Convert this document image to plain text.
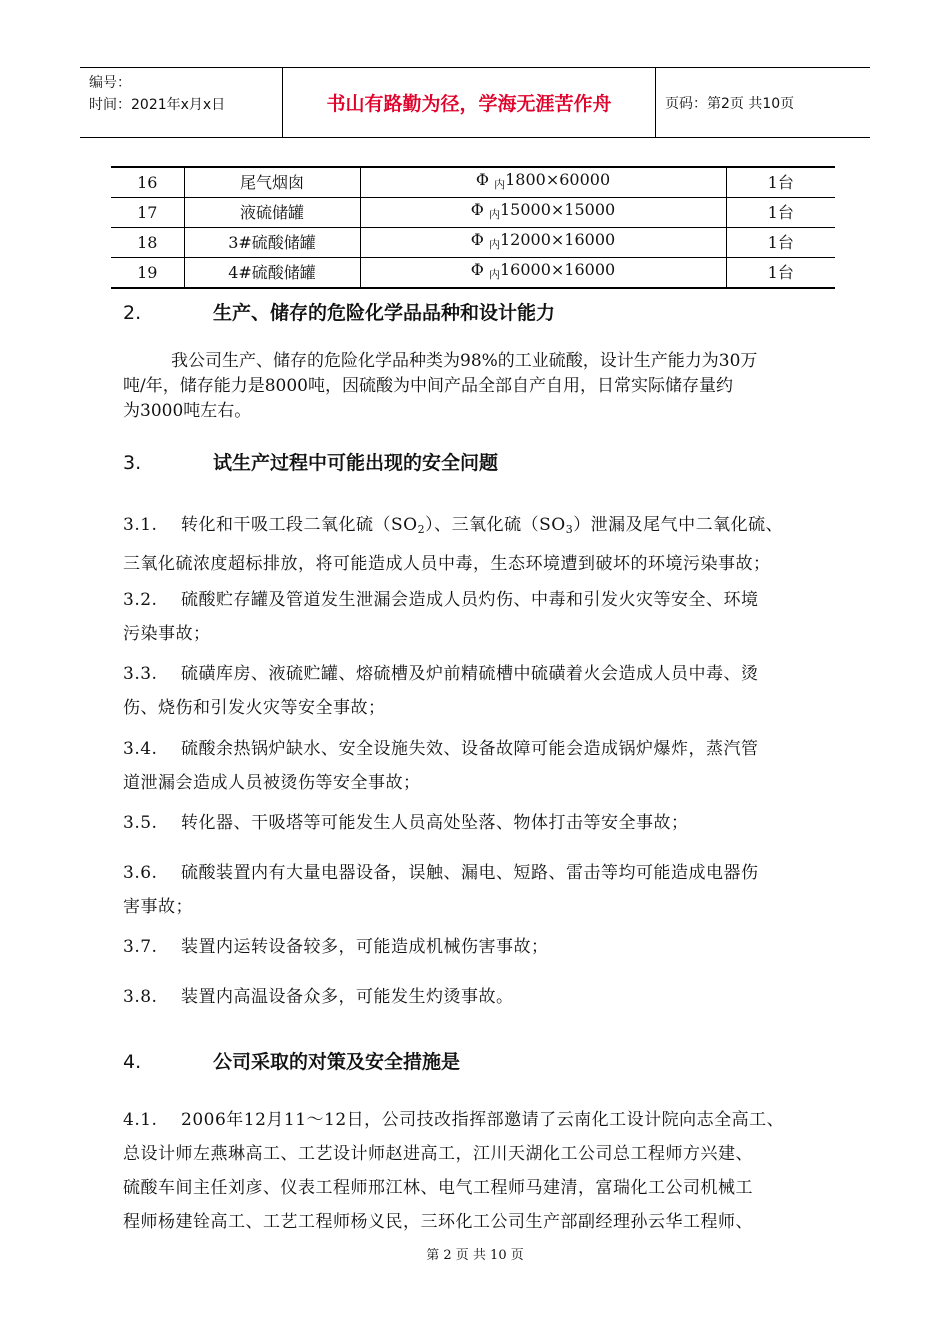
编号：
时间：2021年x月x日	书山有路勤为径，学海无涯苦作舟	页码：第2页 共10页
16	尾气烟囱	Φ $_内$1800×60000	1台
17	液硫储罐	Φ $_内$15000×15000	1台
18	3#硫酸储罐	Φ $_内$12000×16000	1台
19	4#硫酸储罐	Φ $_内$16000×16000	1台
2.	生产、储存的危险化学品品种和设计能力
我公司生产、储存的危险化学品种类为98%的工业硫酸，设计生产能力为30万
吨/年，储存能力是8000吨，因硫酸为中间产品全部自产自用，日常实际储存量约
为3000吨左右。
3.	试生产过程中可能出现的安全问题
3.1. 转化和干吸工段二氧化硫$(SO_2)$、三氧化硫$(SO_3)$泄漏及尾气中二氧化硫、
三氧化硫浓度超标排放，将可能造成人员中毒，生态环境遭到破坏的环境污染事故；
3.2. 硫酸贮存罐及管道发生泄漏会造成人员灼伤、中毒和引发火灾等安全、环境
污染事故；
3.3. 硫磺库房、液硫贮罐、熔硫槽及炉前精硫槽中硫磺着火会造成人员中毒、烫
伤、烧伤和引发火灾等安全事故；
3.4. 硫酸余热锅炉缺水、安全设施失效、设备故障可能会造成锅炉爆炸，蒸汽管
道泄漏会造成人员被烫伤等安全事故；
3.5. 转化器、干吸塔等可能发生人员高处坠落、物体打击等安全事故；
3.6. 硫酸装置内有大量电器设备，误触、漏电、短路、雷击等均可能造成电器伤
害事故；
3.7. 装置内运转设备较多，可能造成机械伤害事故；
3.8. 装置内高温设备众多，可能发生灼烫事故。
4.	公司采取的对策及安全措施是
4.1. 2006年12月11～12日，公司技改指挥部邀请了云南化工设计院向志全高工、
总设计师左燕琳高工、工艺设计师赵进高工，江川天湖化工公司总工程师方兴建、
硫酸车间主任刘彦、仪表工程师邢江林、电气工程师马建清，富瑞化工公司机械工
程师杨建铨高工、工艺工程师杨义民，三环化工公司生产部副经理孙云华工程师、
第 2 页 共 10 页
